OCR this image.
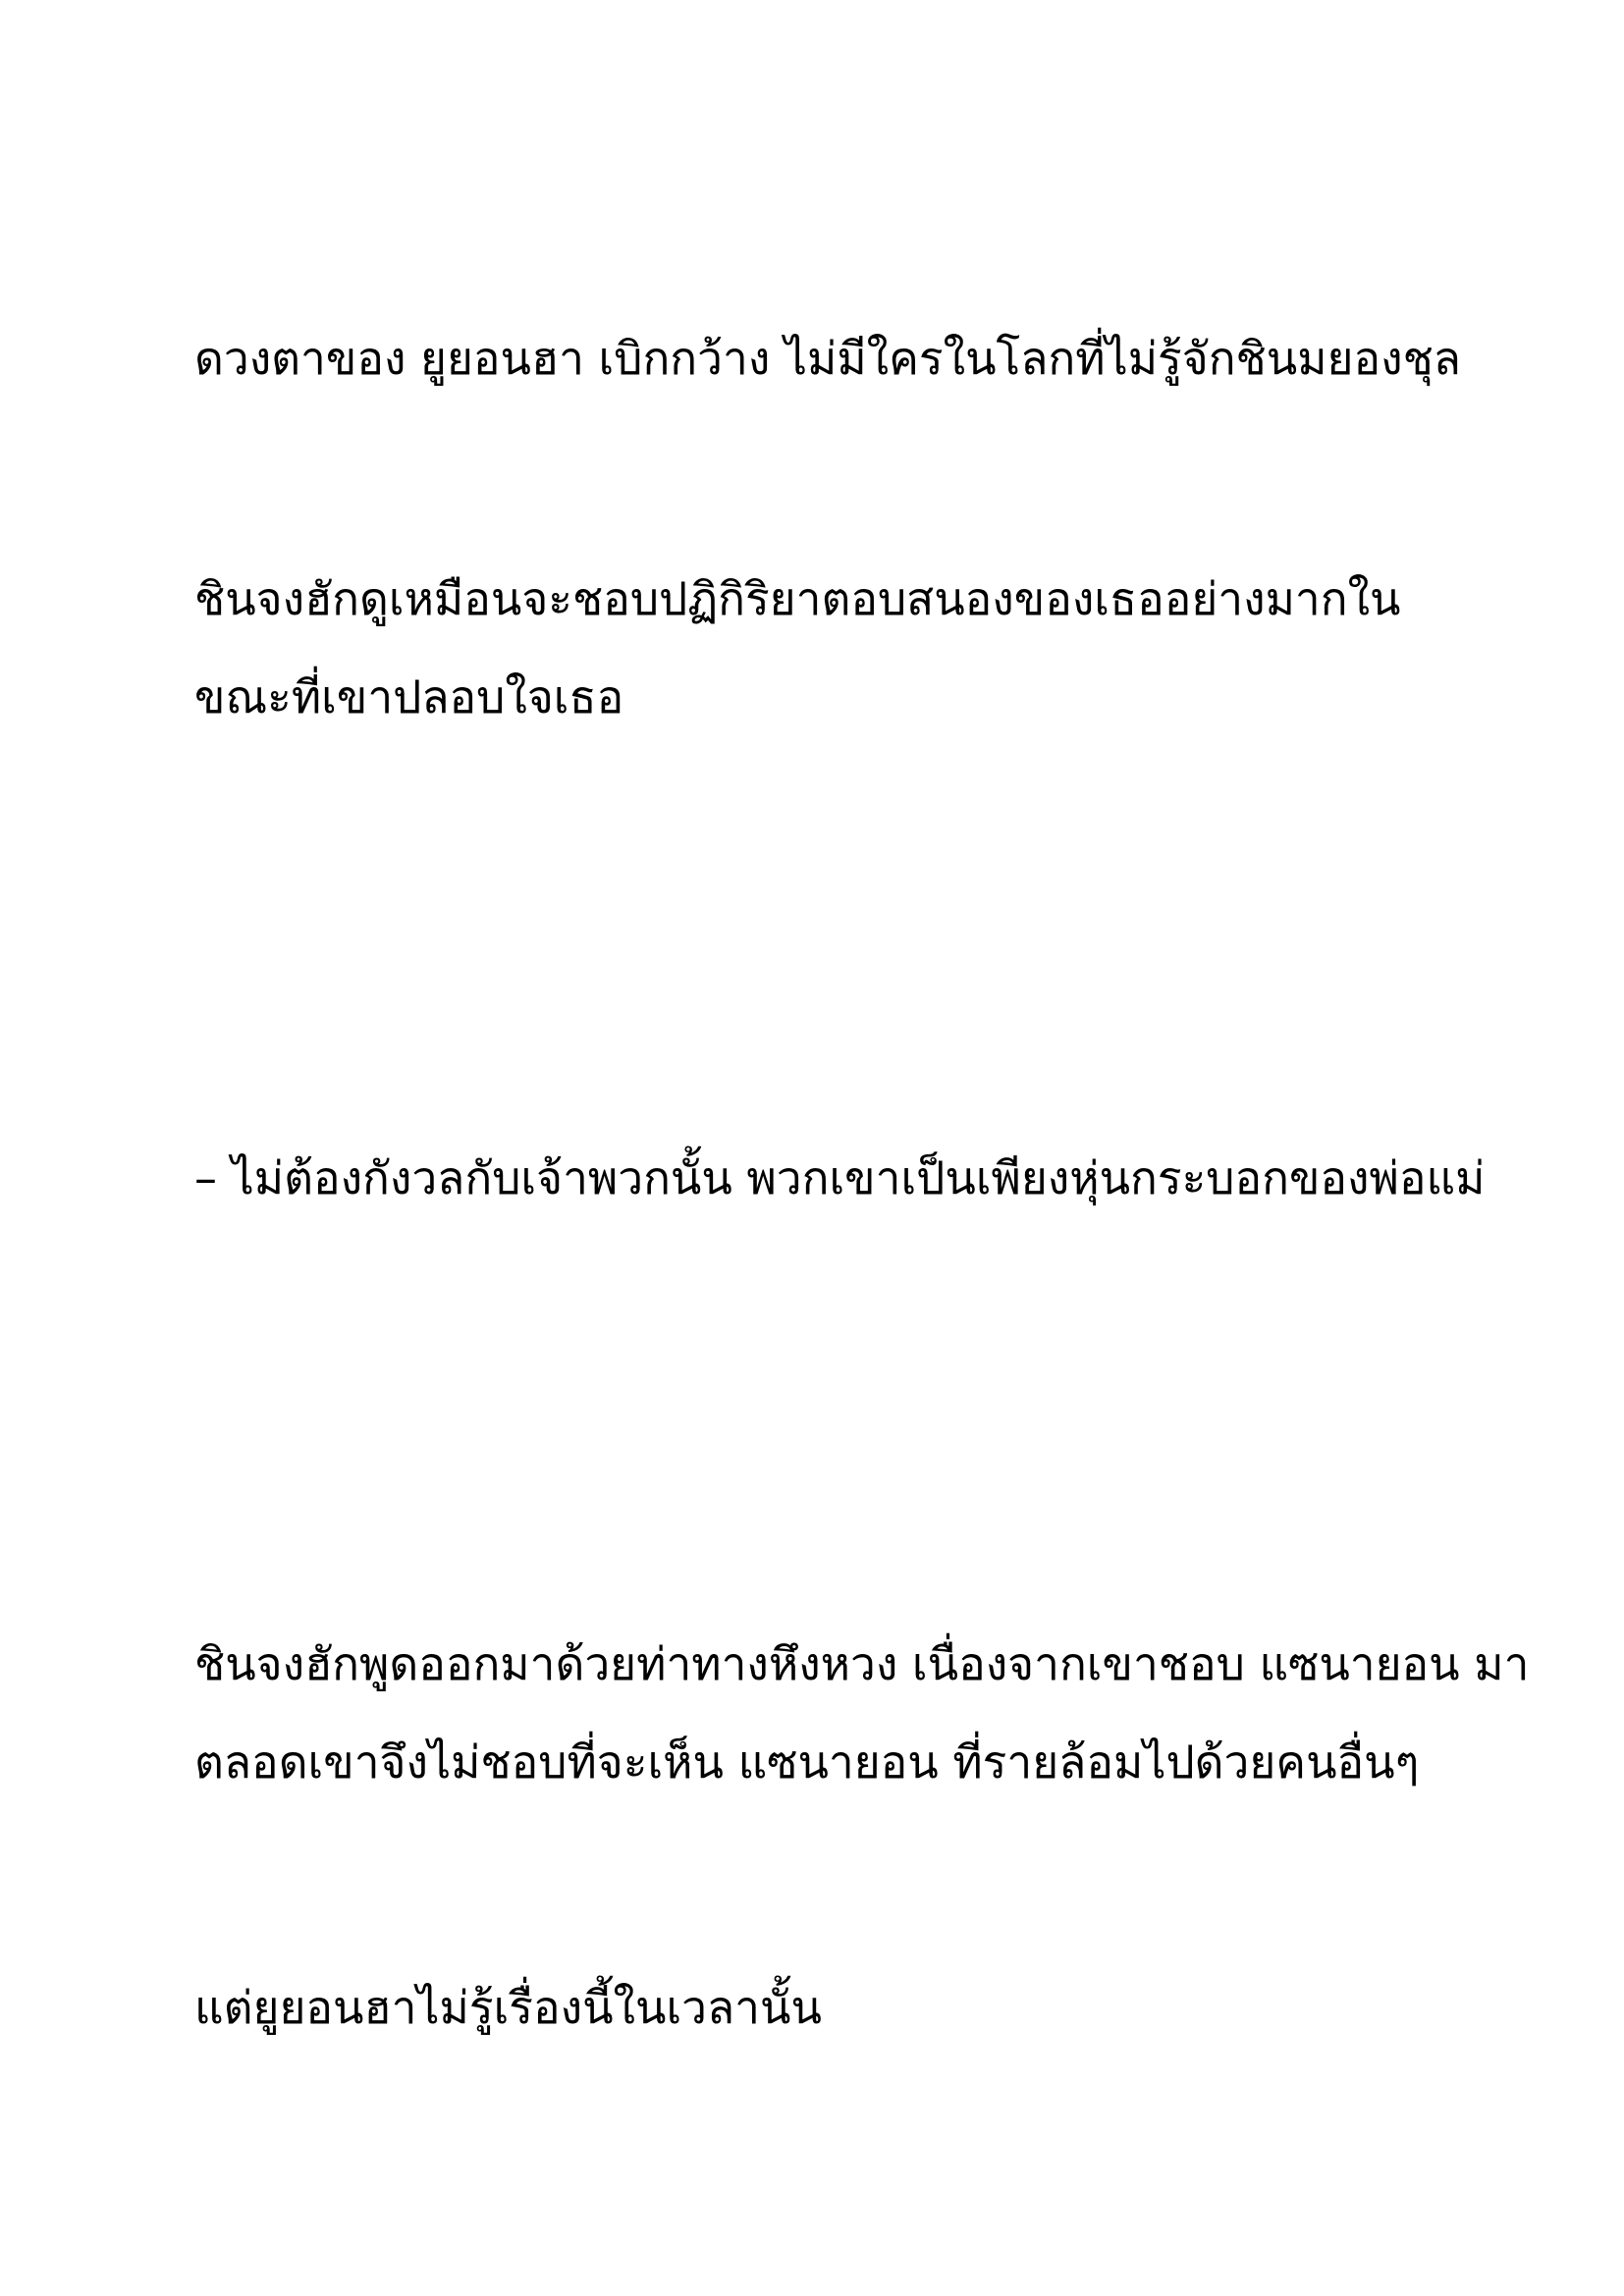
ดวงตาของ ยูยอนฮา เบิกกว้าง ไม่มีใครในโลกที่ไม่รู้จักชินมยองชุล

ชินจงฮักดูเหมือนจะชอบปฏิกิริยาตอบสนองของเธออย่างมากใน

ขณะที่เขาปลอบใจเธอ

– ไม่ต้องกังวลกับเจ้าพวกนั้น พวกเขาเป็นเพียงหุ่นกระบอกของพ่อแม่

ชินจงฮักพูดออกมาด้วยท่าทางหึงหวง เนื่องจากเขาชอบ แซนายอน มา

ตลอดเขาจึงไม่ชอบที่จะเห็น แซนายอน ที่รายล้อมไปด้วยคนอื่นๆ

แต่ยูยอนฮาไม่รู้เรื่องนี้ในเวลานั้น
